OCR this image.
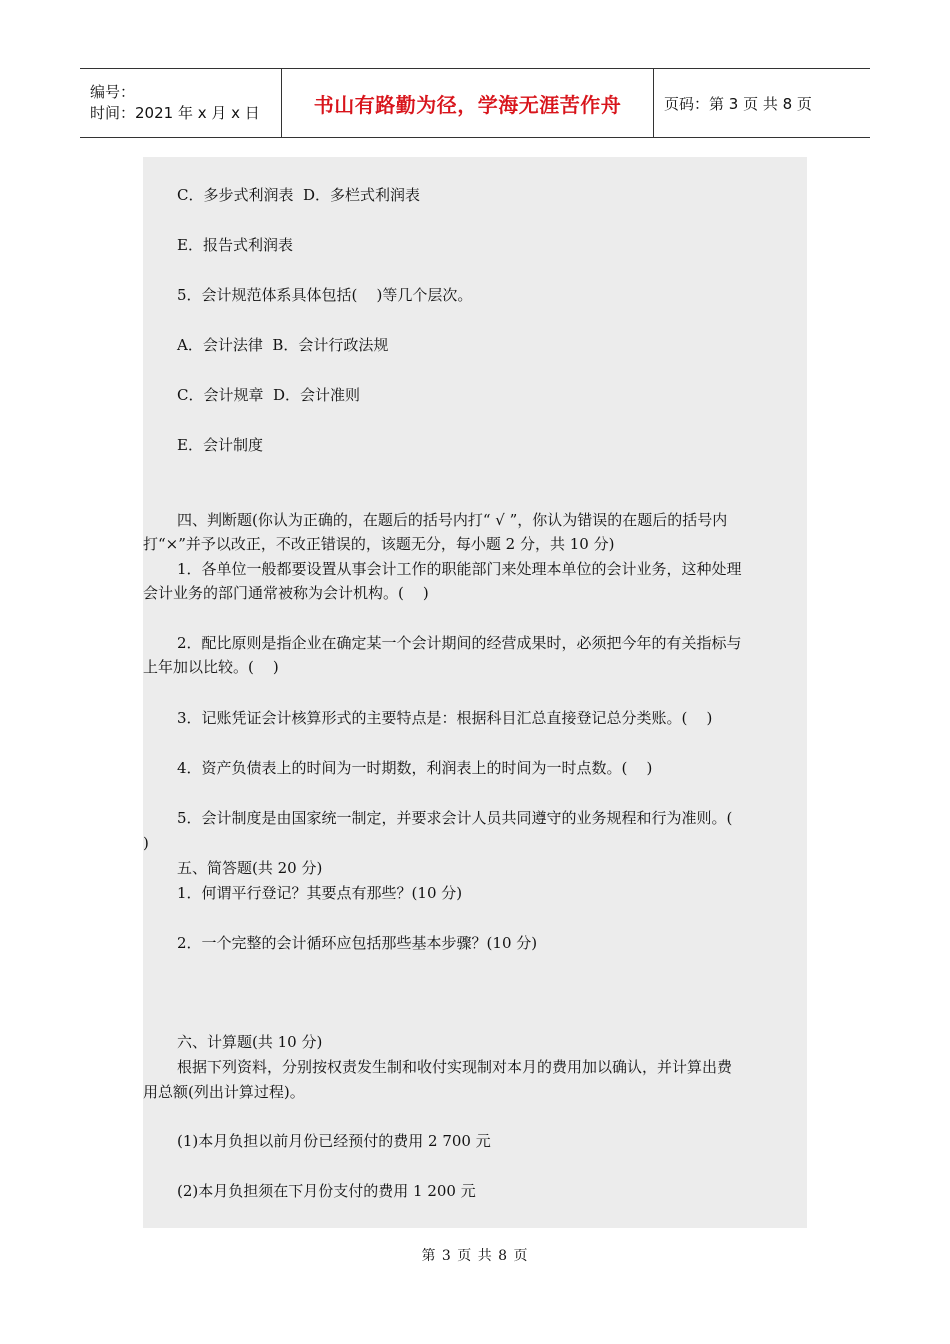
编号：
时间：2021 年 x 月 x 日	书山有路勤为径，学海无涯苦作舟	页码：第 3 页 共 8 页
C．多步式利润表  D．多栏式利润表
E．报告式利润表
5．会计规范体系具体包括(    )等几个层次。
A．会计法律  B．会计行政法规
C．会计规章  D．会计准则
E．会计制度
四、判断题(你认为正确的，在题后的括号内打“ √ ”，你认为错误的在题后的括号内
打“×”并予以改正，不改正错误的，该题无分，每小题 2 分，共 10 分)
1．各单位一般都要设置从事会计工作的职能部门来处理本单位的会计业务，这种处理
会计业务的部门通常被称为会计机构。(    )
2．配比原则是指企业在确定某一个会计期间的经营成果时，必须把今年的有关指标与
上年加以比较。(    )
3．记账凭证会计核算形式的主要特点是：根据科目汇总直接登记总分类账。(    )
4．资产负债表上的时间为一时期数，利润表上的时间为一时点数。(    )
5．会计制度是由国家统一制定，并要求会计人员共同遵守的业务规程和行为准则。(
)
五、简答题(共 20 分)
1．何谓平行登记？其要点有那些？(10 分)
2．一个完整的会计循环应包括那些基本步骤？(10 分)
六、计算题(共 10 分)
根据下列资料，分别按权责发生制和收付实现制对本月的费用加以确认，并计算出费
用总额(列出计算过程)。
(1)本月负担以前月份已经预付的费用 2 700 元
(2)本月负担须在下月份支付的费用 1 200 元
第 3 页 共 8 页
